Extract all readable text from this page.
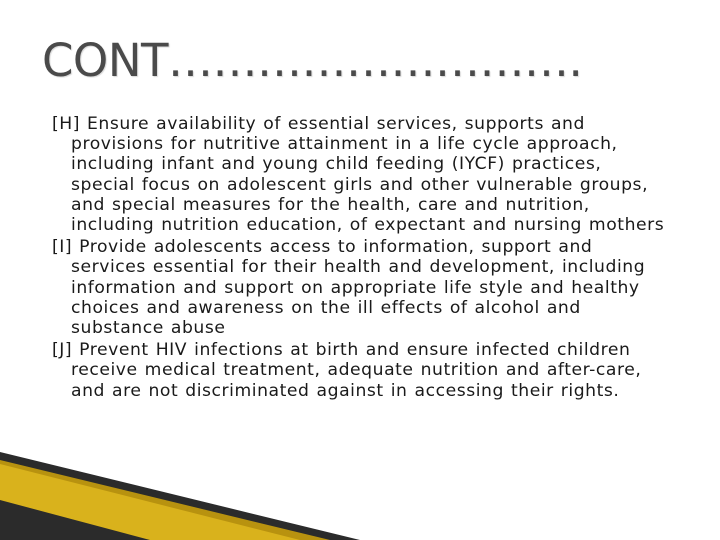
CONT……………………….
[H] Ensure availability of essential services, supports and provisions for nutritive attainment in a life cycle approach, including infant and young child feeding (IYCF) practices, special focus on adolescent girls and other vulnerable groups, and special measures for the health, care and nutrition, including nutrition education, of expectant and nursing mothers
[I] Provide adolescents access to information, support and services essential for their health and development, including information and support on appropriate life style and healthy choices and awareness on the ill effects of alcohol and substance abuse
[J] Prevent HIV infections at birth and ensure infected children receive medical treatment, adequate nutrition and after-care, and are not discriminated against in accessing their rights.
